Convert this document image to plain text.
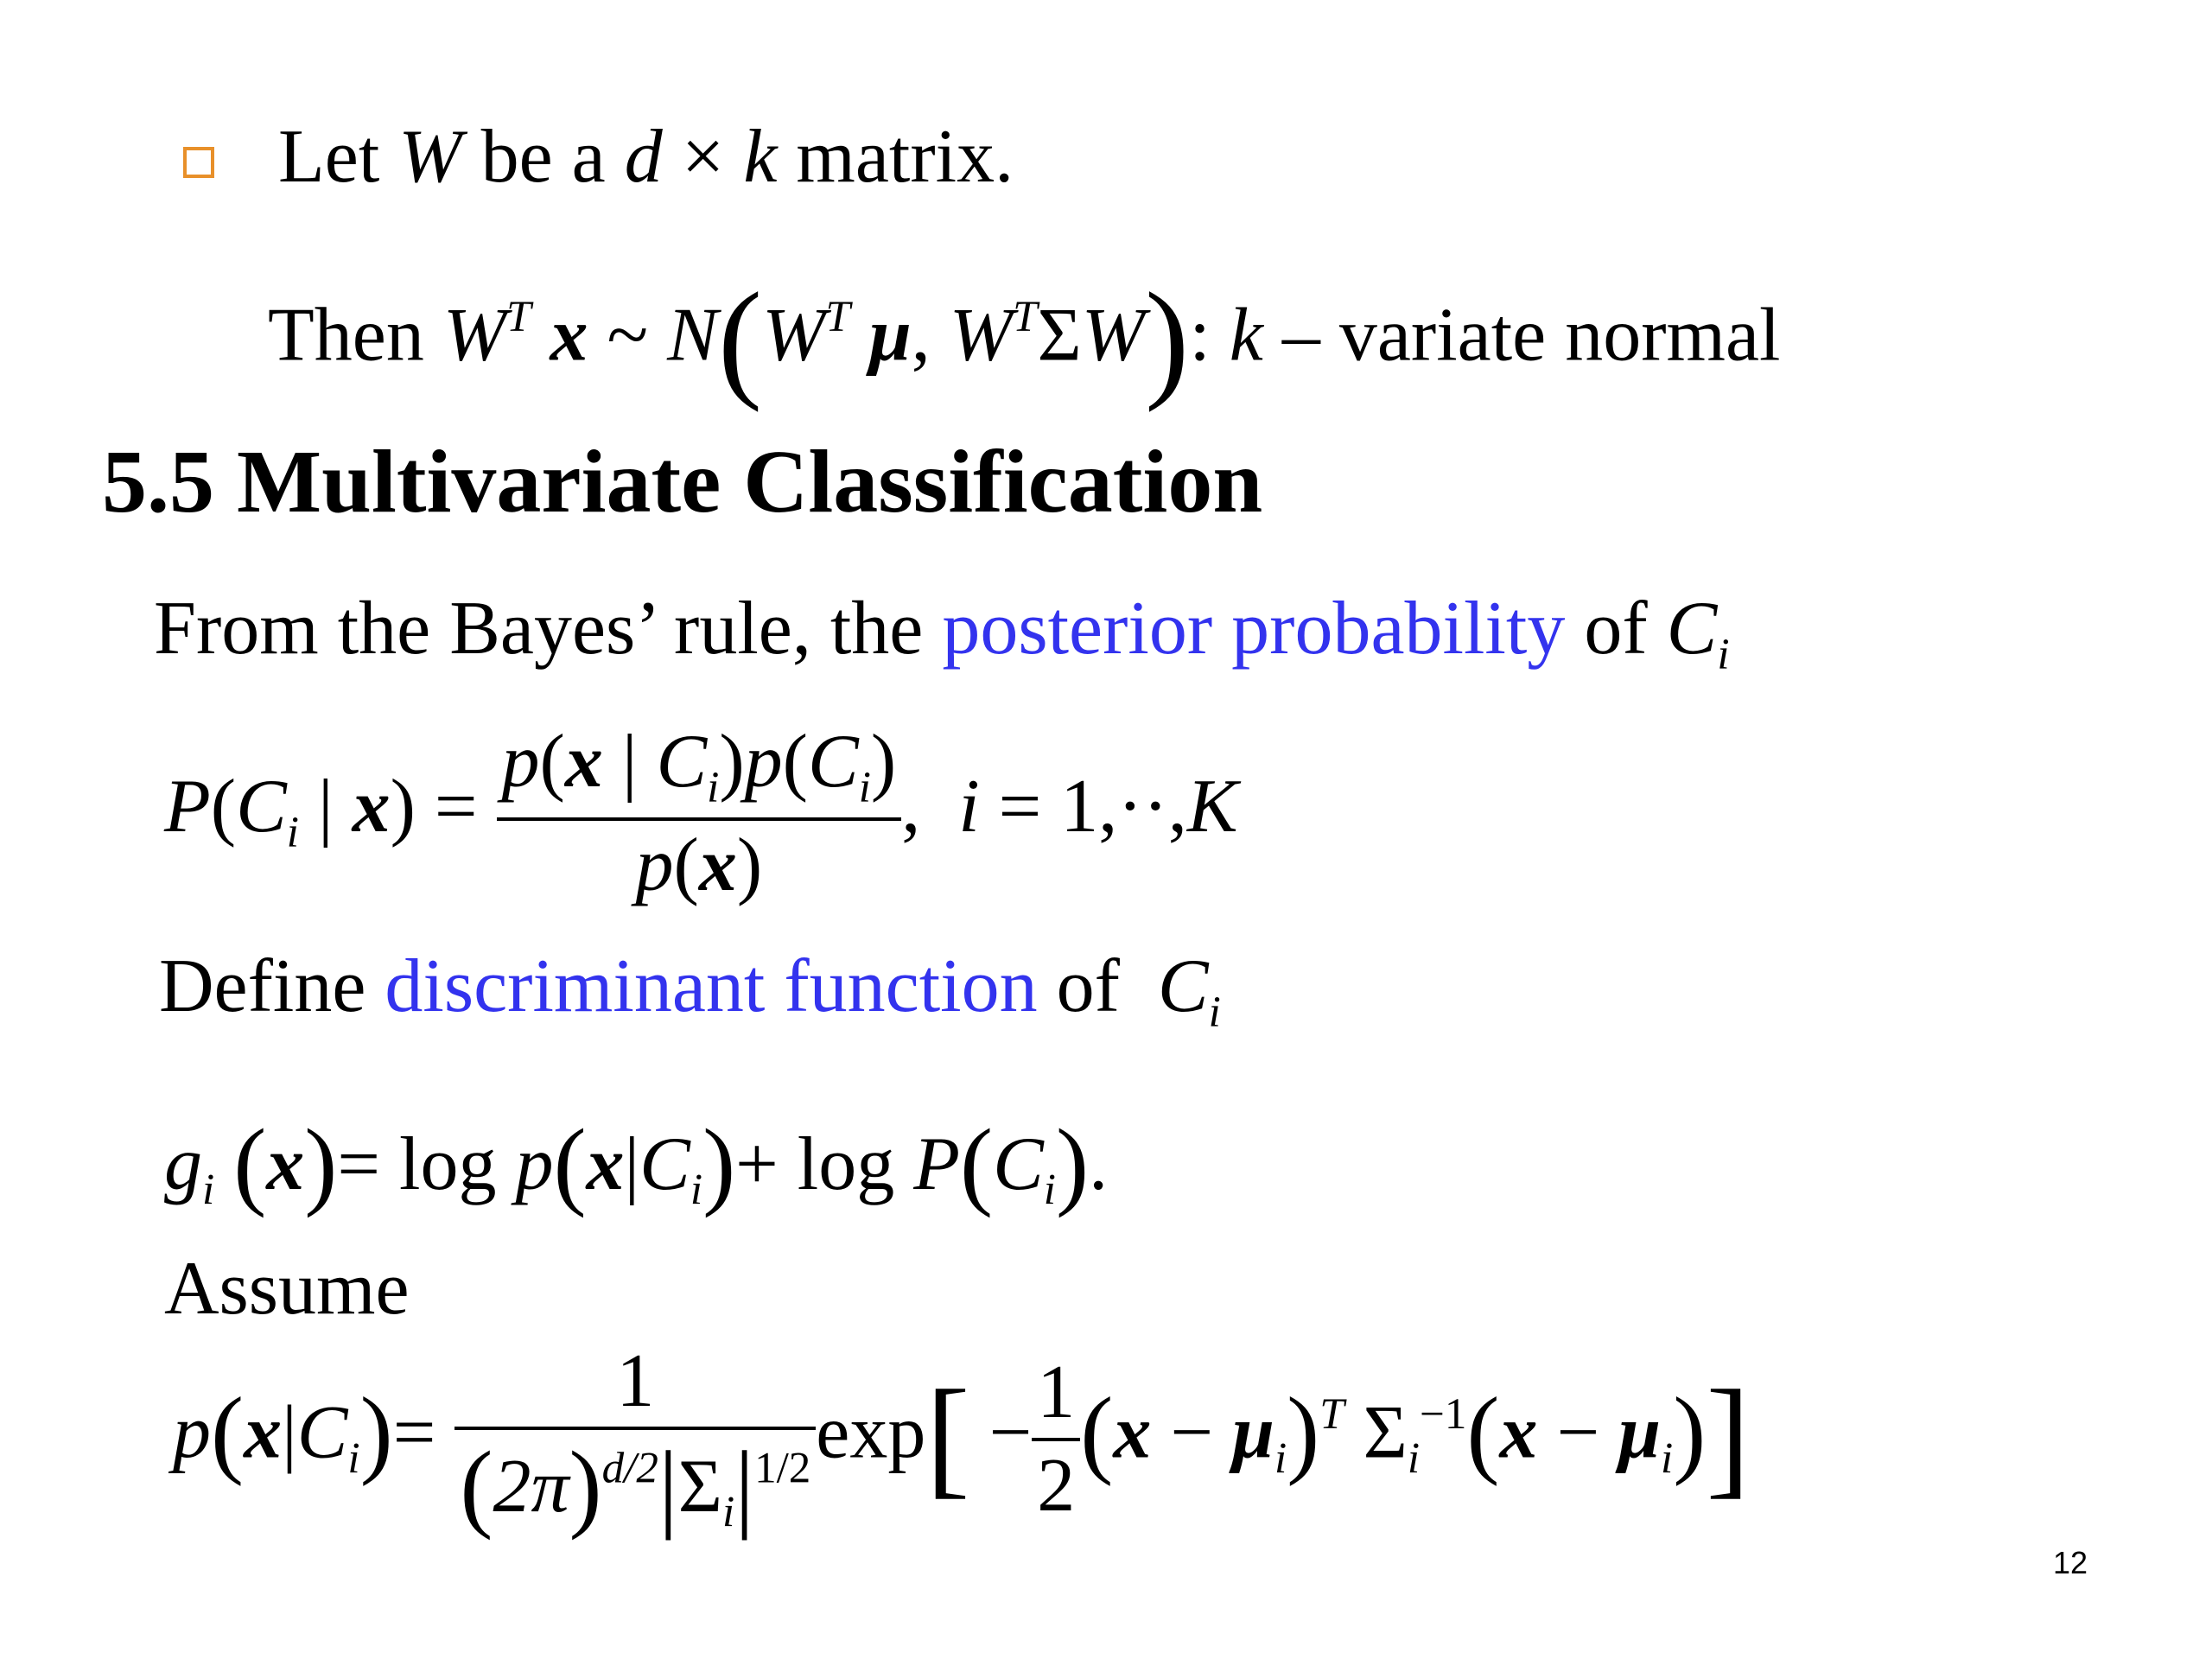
Let W be a d × k matrix.
Then $W^T$ x ~ $N(W^T$ μ, $W^T\Sigma W$): k – variate normal
5.5 Multivariate Classification
From the Bayes’ rule, the posterior probability of $C_i$
$P(C_i$ | $x) = \frac{p(x | C_i)p(C_i)}{p(x)}$ , i = 1,··,K
Define discriminant function of $C_i$
$g_i$ $(x)= \log p(x|C_i)+ \log P(C_i)$.
Assume
$p(x|C_i)= \frac{1}{(2\pi)^{d/2}|\Sigma_i|^{1/2}} \exp[ - \frac{1}{2} (x - \mu_i)^T$ $\Sigma_i^{-1}(x - \mu_i)$]
12
